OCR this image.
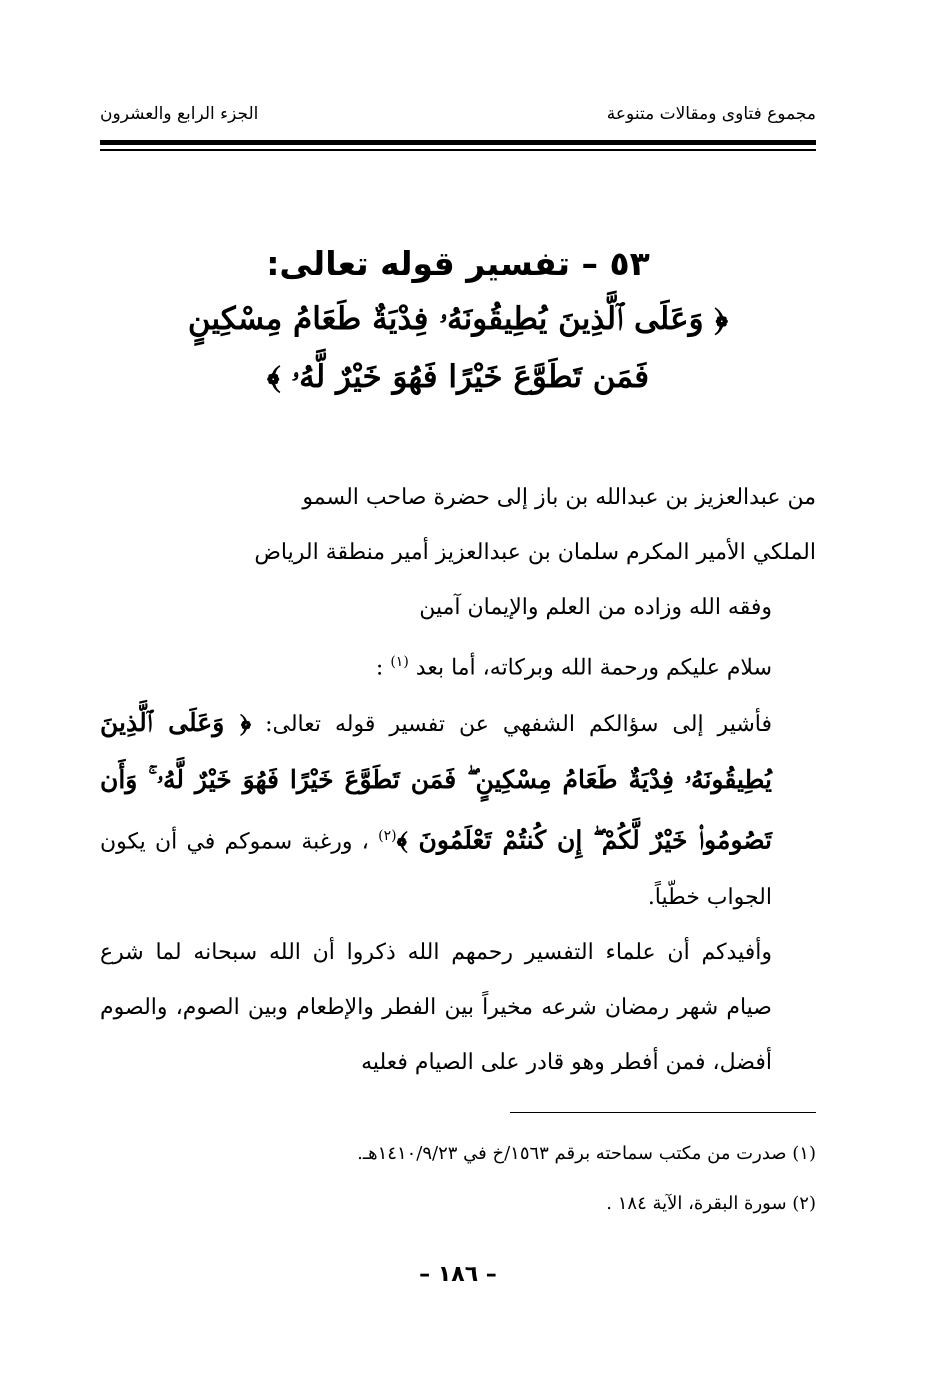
مجموع فتاوى ومقالات متنوعة
الجزء الرابع والعشرون
٥٣ – تفسير قوله تعالى:
﴿ وَعَلَى ٱلَّذِينَ يُطِيقُونَهُۥ فِدْيَةٌ طَعَامُ مِسْكِينٍ
فَمَن تَطَوَّعَ خَيْرًا فَهُوَ خَيْرٌ لَّهُۥ ﴾

من عبدالعزيز بن عبدالله بن باز إلى حضرة صاحب السمو

الملكي الأمير المكرم سلمان بن عبدالعزيز أمير منطقة الرياض

وفقه الله وزاده من العلم والإيمان آمين

سلام عليكم ورحمة الله وبركاته، أما بعد $^{(١)}$ :

فأشير إلى سؤالكم الشفهي عن تفسير قوله تعالى: ﴿ وَعَلَى ٱلَّذِينَ يُطِيقُونَهُۥ فِدْيَةٌ طَعَامُ مِسْكِينٍ ۖ فَمَن تَطَوَّعَ خَيْرًا فَهُوَ خَيْرٌ لَّهُۥ ۚ وَأَن تَصُومُوا۟ خَيْرٌ لَّكُمْ ۖ إِن كُنتُمْ تَعْلَمُونَ ﴾$^{(٢)}$ ، ورغبة سموكم في أن يكون الجواب خطّياً.

وأفيدكم أن علماء التفسير رحمهم الله ذكروا أن الله سبحانه لما شرع صيام شهر رمضان شرعه مخيراً بين الفطر والإطعام وبين الصوم، والصوم أفضل، فمن أفطر وهو قادر على الصيام فعليه

(١) صدرت من مكتب سماحته برقم ١٥٦٣/خ في ١٤١٠/٩/٢٣هـ.

(٢) سورة البقرة، الآية ١٨٤ .

– ١٨٦ –
